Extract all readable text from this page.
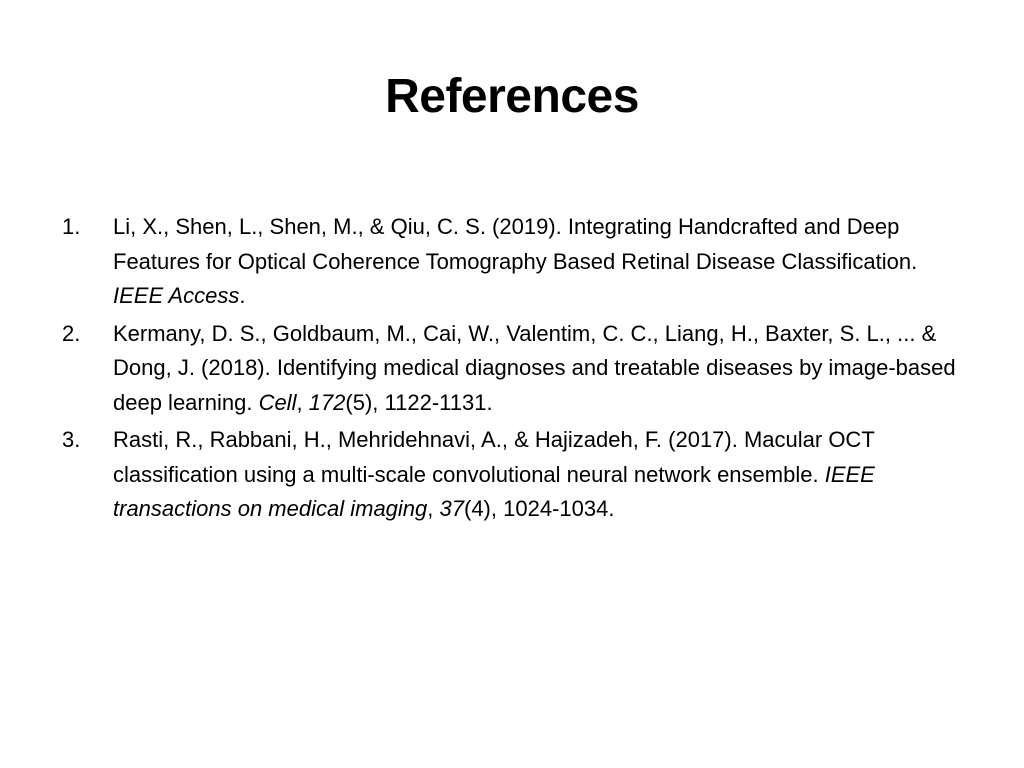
References
1. Li, X., Shen, L., Shen, M., & Qiu, C. S. (2019). Integrating Handcrafted and Deep Features for Optical Coherence Tomography Based Retinal Disease Classification. IEEE Access.
2. Kermany, D. S., Goldbaum, M., Cai, W., Valentim, C. C., Liang, H., Baxter, S. L., ... & Dong, J. (2018). Identifying medical diagnoses and treatable diseases by image-based deep learning. Cell, 172(5), 1122-1131.
3. Rasti, R., Rabbani, H., Mehridehnavi, A., & Hajizadeh, F. (2017). Macular OCT classification using a multi-scale convolutional neural network ensemble. IEEE transactions on medical imaging, 37(4), 1024-1034.
